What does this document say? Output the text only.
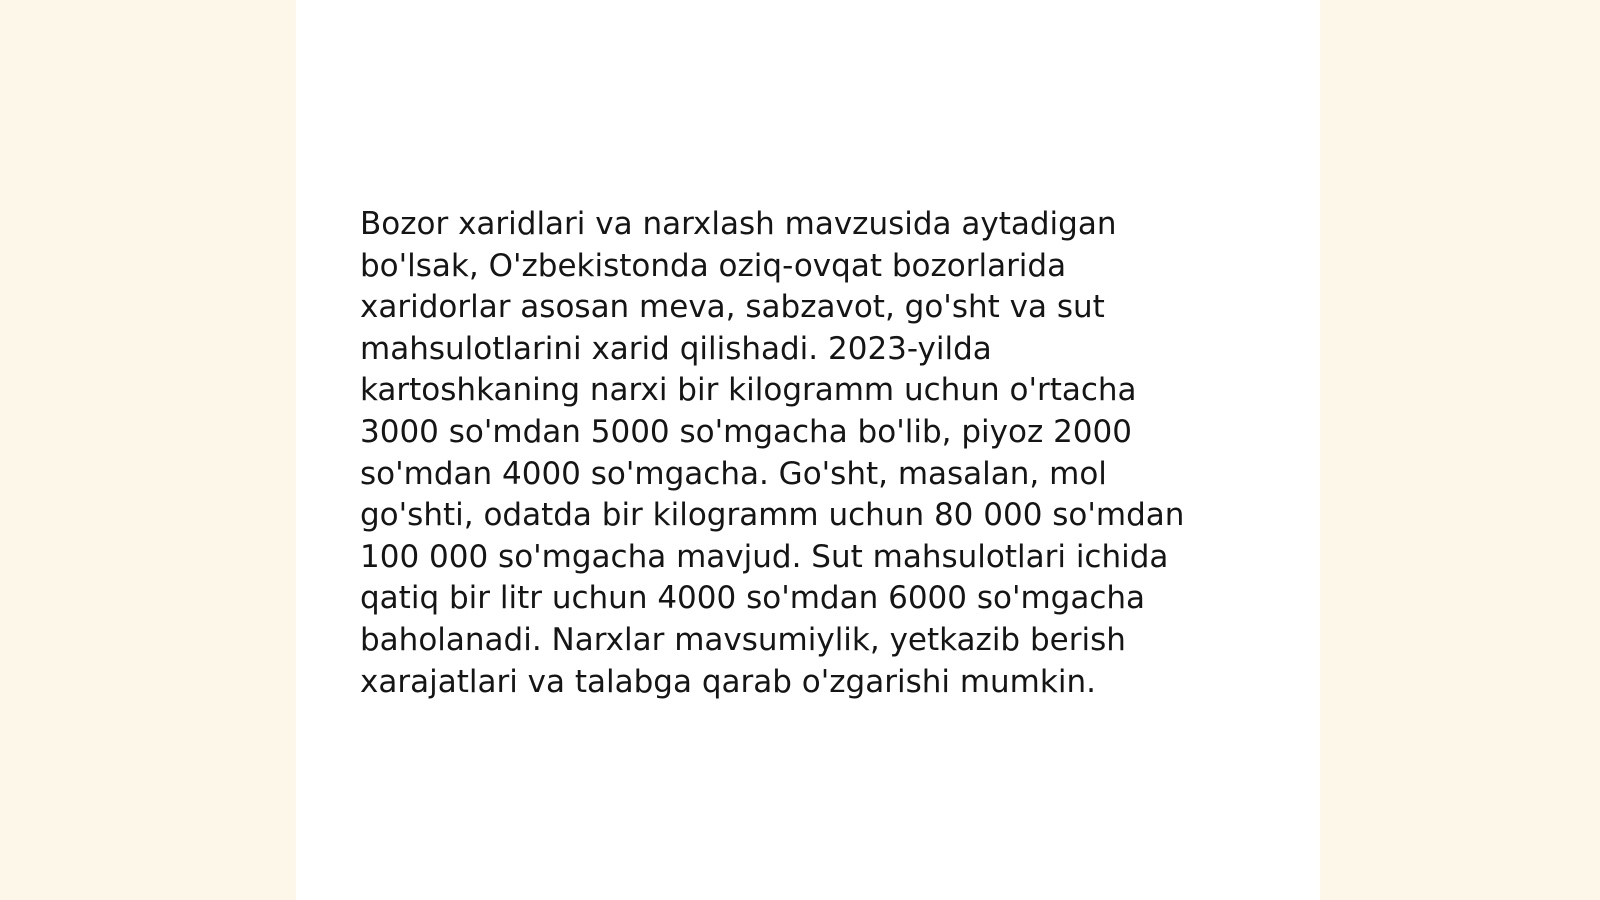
Bozor xaridlari va narxlash mavzusida aytadigan
bo'lsak, O'zbekistonda oziq-ovqat bozorlarida
xaridorlar asosan meva, sabzavot, go'sht va sut
mahsulotlarini xarid qilishadi. 2023-yilda
kartoshkaning narxi bir kilogramm uchun o'rtacha
3000 so'mdan 5000 so'mgacha bo'lib, piyoz 2000
so'mdan 4000 so'mgacha. Go'sht, masalan, mol
go'shti, odatda bir kilogramm uchun 80 000 so'mdan
100 000 so'mgacha mavjud. Sut mahsulotlari ichida
qatiq bir litr uchun 4000 so'mdan 6000 so'mgacha
baholanadi. Narxlar mavsumiylik, yetkazib berish
xarajatlari va talabga qarab o'zgarishi mumkin.
